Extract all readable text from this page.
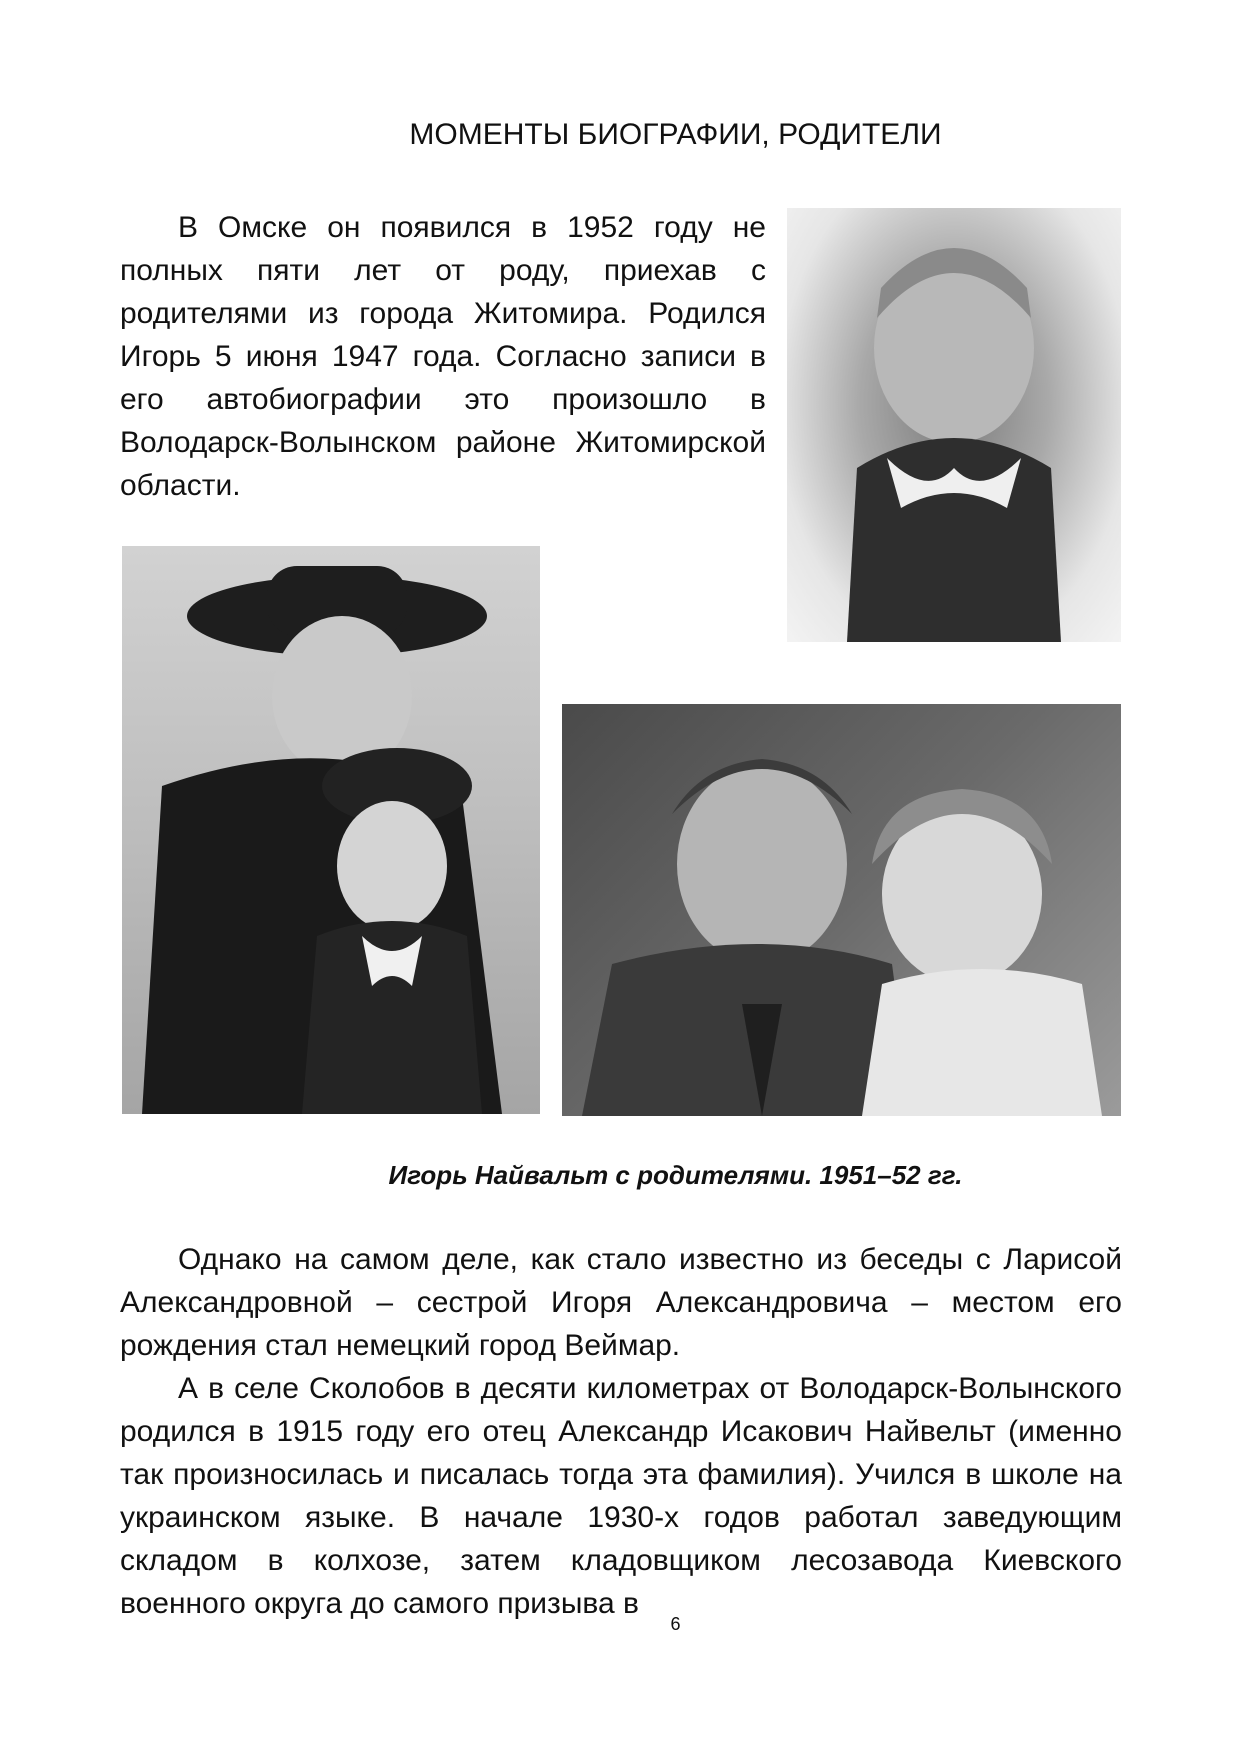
МОМЕНТЫ БИОГРАФИИ, РОДИТЕЛИ

В Омске он появился в 1952 году не полных пяти лет от роду, приехав с родителями из города Житомира. Родился Игорь 5 июня 1947 года. Согласно записи в его автобиографии это произошло в Володарск-Волынском районе Житомирской области.

Игорь Найвальт с родителями. 1951–52 гг.

Однако на самом деле, как стало известно из беседы с Ларисой Александровной – сестрой Игоря Александровича – местом его рождения стал немецкий город Веймар.

А в селе Сколобов в десяти километрах от Володарск-Волынского родился в 1915 году его отец Александр Исакович Найвельт (именно так произносилась и писалась тогда эта фамилия). Учился в школе на украинском языке. В начале 1930-х годов работал заведующим складом в колхозе, затем кладовщиком лесозавода Киевского военного округа до самого призыва в

6
